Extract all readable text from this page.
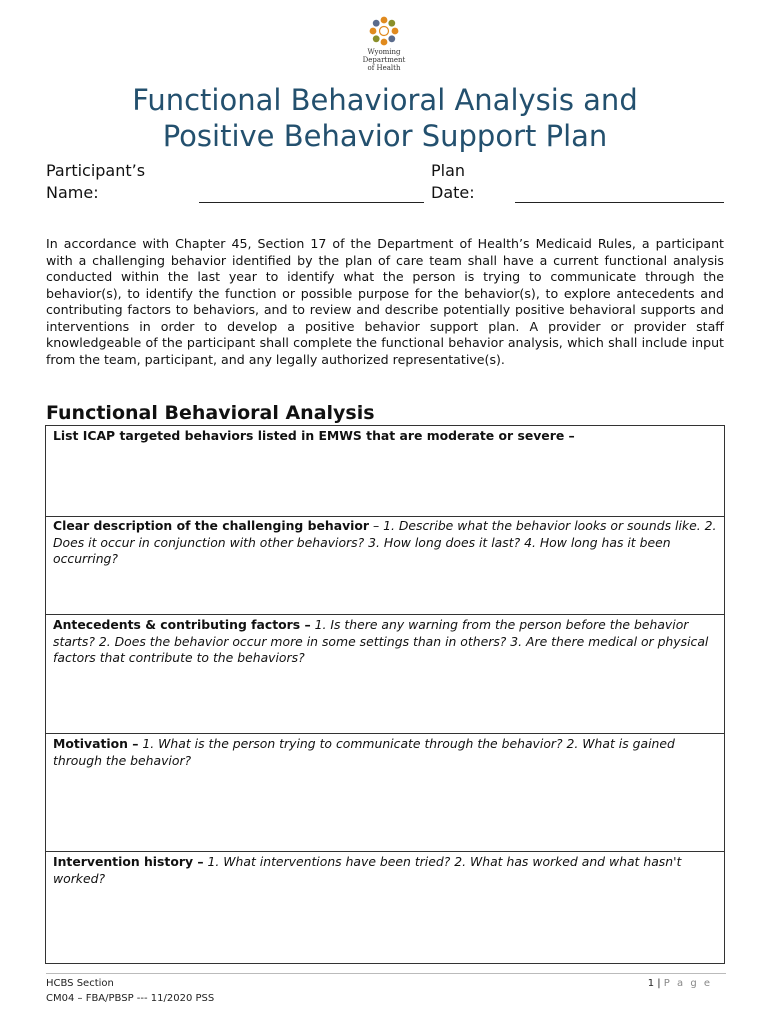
Wyoming
Department
of Health
Functional Behavioral Analysis and
Positive Behavior Support Plan
Participant’s
Name:
Plan
Date:

In accordance with Chapter 45, Section 17 of the Department of Health’s Medicaid Rules, a participant with a challenging behavior identified by the plan of care team shall have a current functional analysis conducted within the last year to identify what the person is trying to communicate through the behavior(s), to identify the function or possible purpose for the behavior(s), to explore antecedents and contributing factors to behaviors, and to review and describe potentially positive behavioral supports and interventions in order to develop a positive behavior support plan. A provider or provider staff knowledgeable of the participant shall complete the functional behavior analysis, which shall include input from the team, participant, and any legally authorized representative(s).

Functional Behavioral Analysis
List ICAP targeted behaviors listed in EMWS that are moderate or severe –
Clear description of the challenging behavior – 1. Describe what the behavior looks or sounds like. 2. Does it occur in conjunction with other behaviors? 3. How long does it last? 4. How long has it been occurring?
Antecedents & contributing factors – 1. Is there any warning from the person before the behavior starts? 2. Does the behavior occur more in some settings than in others? 3. Are there medical or physical factors that contribute to the behaviors?
Motivation – 1. What is the person trying to communicate through the behavior? 2. What is gained through the behavior?
Intervention history – 1. What interventions have been tried? 2. What has worked and what hasn't worked?
HCBS Section
CM04 – FBA/PBSP --- 11/2020 PSS
1 | P a g e
